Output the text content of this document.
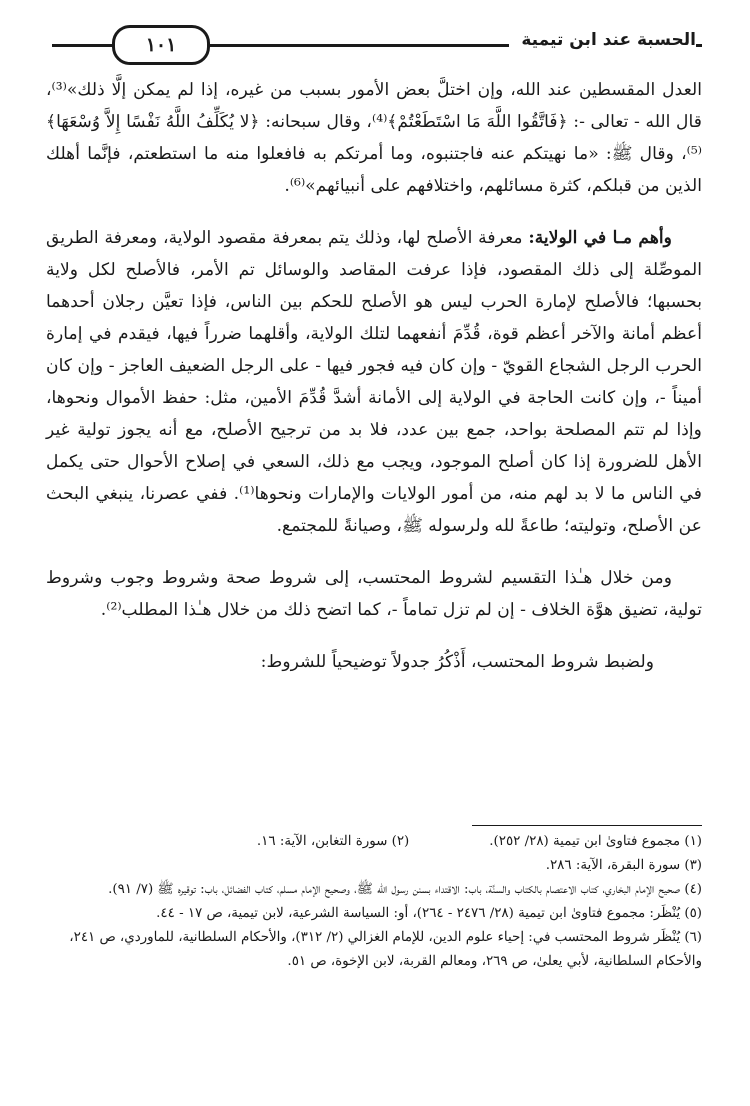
الحسبة عند ابن تيمية
١٠١

العدل المقسطين عند الله، وإن اختلَّ بعض الأمور بسبب من غيره، إذا لم يمكن إلَّا ذلك»⁽³⁾، قال الله - تعالى -: ﴿فَاتَّقُوا اللَّهَ مَا اسْتَطَعْتُمْ﴾⁽⁴⁾، وقال سبحانه: ﴿لا يُكَلِّفُ اللَّهُ نَفْسًا إِلاَّ وُسْعَهَا﴾⁽⁵⁾، وقال ﷺ: «ما نهيتكم عنه فاجتنبوه، وما أمرتكم به فافعلوا منه ما استطعتم، فإنَّما أهلك الذين من قبلكم، كثرة مسائلهم، واختلافهم على أنبيائهم»⁽⁶⁾.

وأهم مـا في الولاية: معرفة الأصلح لها، وذلك يتم بمعرفة مقصود الولاية، ومعرفة الطريق الموصِّلة إلى ذلك المقصود، فإذا عرفت المقاصد والوسائل تم الأمر، فالأصلح لكل ولاية بحسبها؛ فالأصلح لإمارة الحرب ليس هو الأصلح للحكم بين الناس، فإذا تعيَّن رجلان أحدهما أعظم أمانة والآخر أعظم قوة، قُدِّمَ أنفعهما لتلك الولاية، وأقلهما ضرراً فيها، فيقدم في إمارة الحرب الرجل الشجاع القويّ - وإن كان فيه فجور فيها - على الرجل الضعيف العاجز - وإن كان أميناً -، وإن كانت الحاجة في الولاية إلى الأمانة أشدَّ قُدِّمَ الأمين، مثل: حفظ الأموال ونحوها، وإذا لم تتم المصلحة بواحد، جمع بين عدد، فلا بد من ترجيح الأصلح، مع أنه يجوز تولية غير الأهل للضرورة إذا كان أصلح الموجود، ويجب مع ذلك، السعي في إصلاح الأحوال حتى يكمل في الناس ما لا بد لهم منه، من أمور الولايات والإمارات ونحوها⁽¹⁾. ففي عصرنا، ينبغي البحث عن الأصلح، وتوليته؛ طاعةً لله ولرسوله ﷺ، وصيانةً للمجتمع.

ومن خلال هـٰذا التقسيم لشروط المحتسب، إلى شروط صحة وشروط وجوب وشروط تولية، تضيق هوَّة الخلاف - إن لم تزل تماماً -، كما اتضح ذلك من خلال هـٰذا المطلب⁽²⁾.

ولضبط شروط المحتسب، أَذْكُرُ جدولاً توضيحياً للشروط:

(١) مجموع فتاوىٰ ابن تيمية (٢٨/ ٢٥٢).

(٢) سورة التغابن، الآية: ١٦.

(٣) سورة البقرة، الآية: ٢٨٦.

(٤) صحيح الإمام البخاري، كتاب الاعتصام بالكتاب والسنَّة، باب: الاقتداء بسنن رسول الله ﷺ، وصحيح الإمام مسلم، كتاب الفضائل، باب: توقيره ﷺ (٧/ ٩١).

(٥) يُنْظَر: مجموع فتاوىٰ ابن تيمية (٢٨/ ٢٤٧٦ - ٢٦٤)، أو: السياسة الشرعية، لابن تيمية، ص ١٧ - ٤٤.

(٦) يُنْظَر شروط المحتسب في: إحياء علوم الدين، للإمام الغزالي (٢/ ٣١٢)، والأحكام السلطانية، للماوردي، ص ٢٤١، والأحكام السلطانية، لأبي يعلىٰ، ص ٢٦٩، ومعالم القربة، لابن الإخوة، ص ٥١.
